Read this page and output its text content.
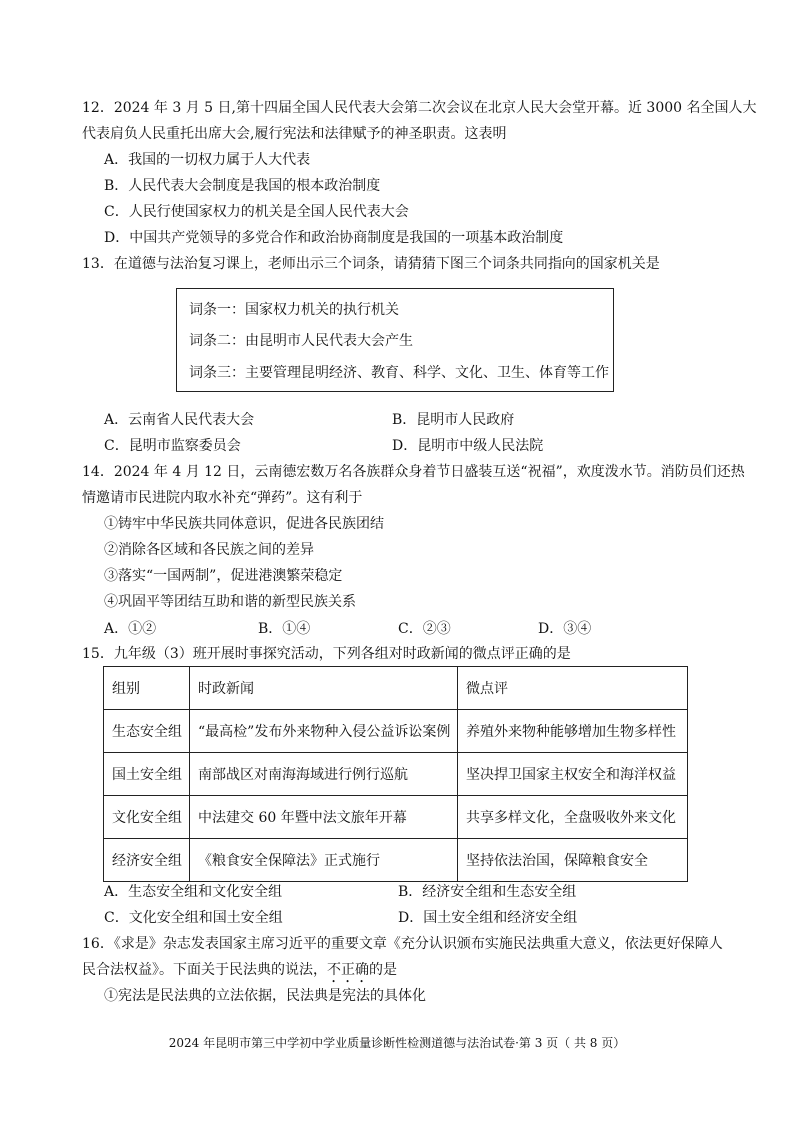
12．2024 年 3 月 5 日,第十四届全国人民代表大会第二次会议在北京人民大会堂开幕。近 3000 名全国人大
代表肩负人民重托出席大会,履行宪法和法律赋予的神圣职责。这表明
A．我国的一切权力属于人大代表
B．人民代表大会制度是我国的根本政治制度
C．人民行使国家权力的机关是全国人民代表大会
D．中国共产党领导的多党合作和政治协商制度是我国的一项基本政治制度
13．在道德与法治复习课上，老师出示三个词条，请猜猜下图三个词条共同指向的国家机关是
词条一：国家权力机关的执行机关
词条二：由昆明市人民代表大会产生
词条三：主要管理昆明经济、教育、科学、文化、卫生、体育等工作
A．云南省人民代表大会	B．昆明市人民政府
C．昆明市监察委员会	D．昆明市中级人民法院
14．2024 年 4 月 12 日，云南德宏数万名各族群众身着节日盛装互送“祝福”，欢度泼水节。消防员们还热
情邀请市民进院内取水补充“弹药”。这有利于
①铸牢中华民族共同体意识，促进各民族团结
②消除各区域和各民族之间的差异
③落实“一国两制”，促进港澳繁荣稳定
④巩固平等团结互助和谐的新型民族关系
A．①②	B．①④	C．②③	D．③④
15．九年级（3）班开展时事探究活动，下列各组对时政新闻的微点评正确的是
组别	时政新闻	微点评
生态安全组	“最高检”发布外来物种入侵公益诉讼案例	养殖外来物种能够增加生物多样性
国土安全组	南部战区对南海海域进行例行巡航	坚决捍卫国家主权安全和海洋权益
文化安全组	中法建交 60 年暨中法文旅年开幕	共享多样文化，全盘吸收外来文化
经济安全组	《粮食安全保障法》正式施行	坚持依法治国，保障粮食安全
A．生态安全组和文化安全组	B．经济安全组和生态安全组
C．文化安全组和国土安全组	D．国土安全组和经济安全组
16．《求是》杂志发表国家主席习近平的重要文章《充分认识颁布实施民法典重大意义，依法更好保障人
民合法权益》。下面关于民法典的说法，不正确的是
①宪法是民法典的立法依据，民法典是宪法的具体化
2024 年昆明市第三中学初中学业质量诊断性检测道德与法治试卷·第 3 页（ 共 8 页）
